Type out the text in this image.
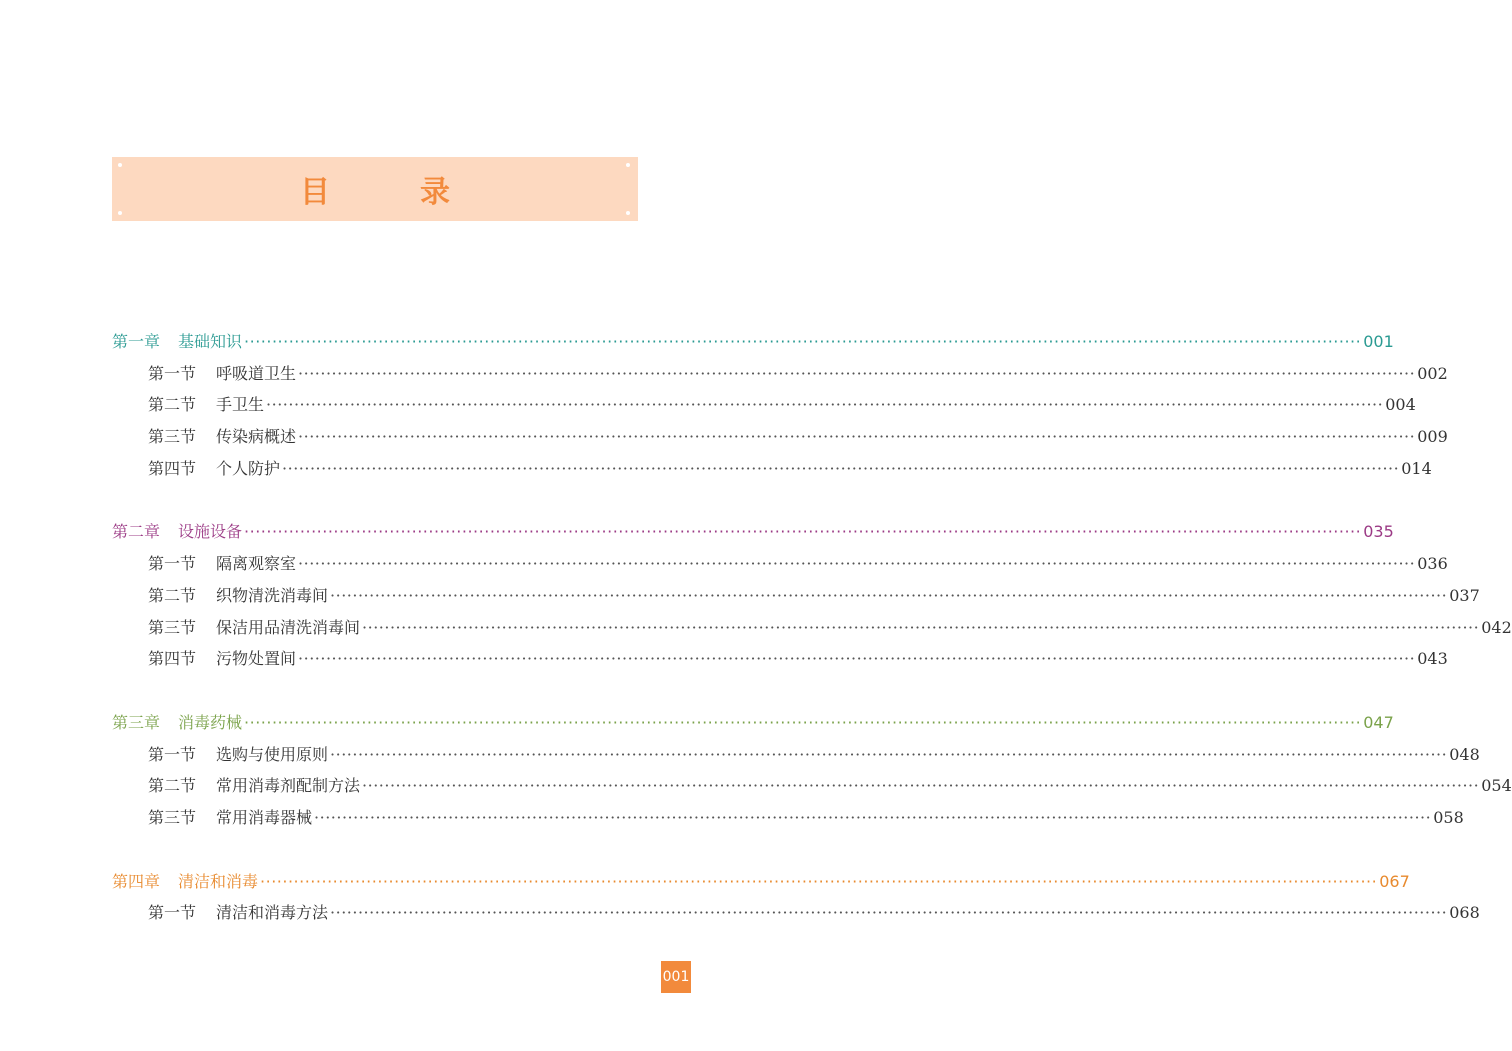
目　录
第一章 基础知识 ········································································································································································································ 001
第一节 呼吸道卫生 ········································································································································································································ 002
第二节 手卫生 ········································································································································································································ 004
第三节 传染病概述 ········································································································································································································ 009
第四节 个人防护 ········································································································································································································ 014
第二章 设施设备 ········································································································································································································ 035
第一节 隔离观察室 ········································································································································································································ 036
第二节 织物清洗消毒间 ········································································································································································································ 037
第三节 保洁用品清洗消毒间 ········································································································································································································ 042
第四节 污物处置间 ········································································································································································································ 043
第三章 消毒药械 ········································································································································································································ 047
第一节 选购与使用原则 ········································································································································································································ 048
第二节 常用消毒剂配制方法 ········································································································································································································ 054
第三节 常用消毒器械 ········································································································································································································ 058
第四章 清洁和消毒 ········································································································································································································ 067
第一节 清洁和消毒方法 ········································································································································································································ 068
001
